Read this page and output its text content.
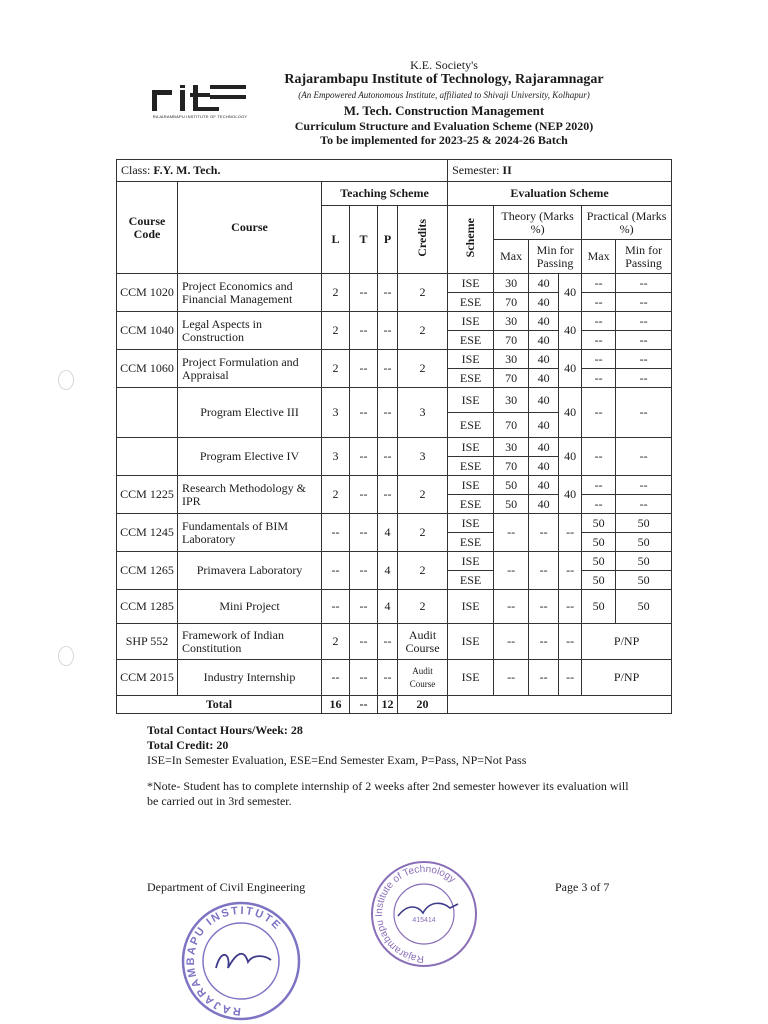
K.E. Society's
Rajarambapu Institute of Technology, Rajaramnagar
(An Empowered Autonomous Institute, affiliated to Shivaji University, Kolhapur)
M. Tech. Construction Management
Curriculum Structure and Evaluation Scheme (NEP 2020)
To be implemented for 2023-25 & 2024-26 Batch
RAJARAMBAPU INSTITUTE OF TECHNOLOGY
Class: F.Y. M. Tech.						Semester: II					
Course Code	Course	Teaching Scheme				Evaluation Scheme					
		L	T	P	Credits	Scheme	Theory (Marks %)			Practical (Marks %)	
							Max	Min for Passing		Max	Min for Passing
CCM 1020	Project Economics and Financial Management	2	--	--	2	ISE	30	40	40	--	--
						ESE	70	40		--	--
CCM 1040	Legal Aspects in Construction	2	--	--	2	ISE	30	40	40	--	--
						ESE	70	40		--	--
CCM 1060	Project Formulation and Appraisal	2	--	--	2	ISE	30	40	40	--	--
						ESE	70	40		--	--
	Program Elective III	3	--	--	3	ISE	30	40	40	--	--
						ESE	70	40			
	Program Elective IV	3	--	--	3	ISE	30	40	40	--	--
						ESE	70	40			
CCM 1225	Research Methodology & IPR	2	--	--	2	ISE	50	40	40	--	--
						ESE	50	40		--	--
CCM 1245	Fundamentals of BIM Laboratory	--	--	4	2	ISE	--	--	--	50	50
						ESE				50	50
CCM 1265	Primavera Laboratory	--	--	4	2	ISE	--	--	--	50	50
						ESE				50	50
CCM 1285	Mini Project	--	--	4	2	ISE	--	--	--	50	50
SHP 552	Framework of Indian Constitution	2	--	--	Audit Course	ISE	--	--	--	P/NP	
CCM 2015	Industry Internship	--	--	--	Audit Course	ISE	--	--	--	P/NP	
Total		16	--	12	20						
Total Contact Hours/Week: 28
Total Credit: 20
ISE=In Semester Evaluation, ESE=End Semester Exam, P=Pass, NP=Not Pass
*Note- Student has to complete internship of 2 weeks after 2nd semester however its evaluation will be carried out in 3rd semester.
Department of Civil Engineering	Page 3 of 7
RAJARAMBAPU INSTITUTE
Rajarambapu Institute of Technology
415414
